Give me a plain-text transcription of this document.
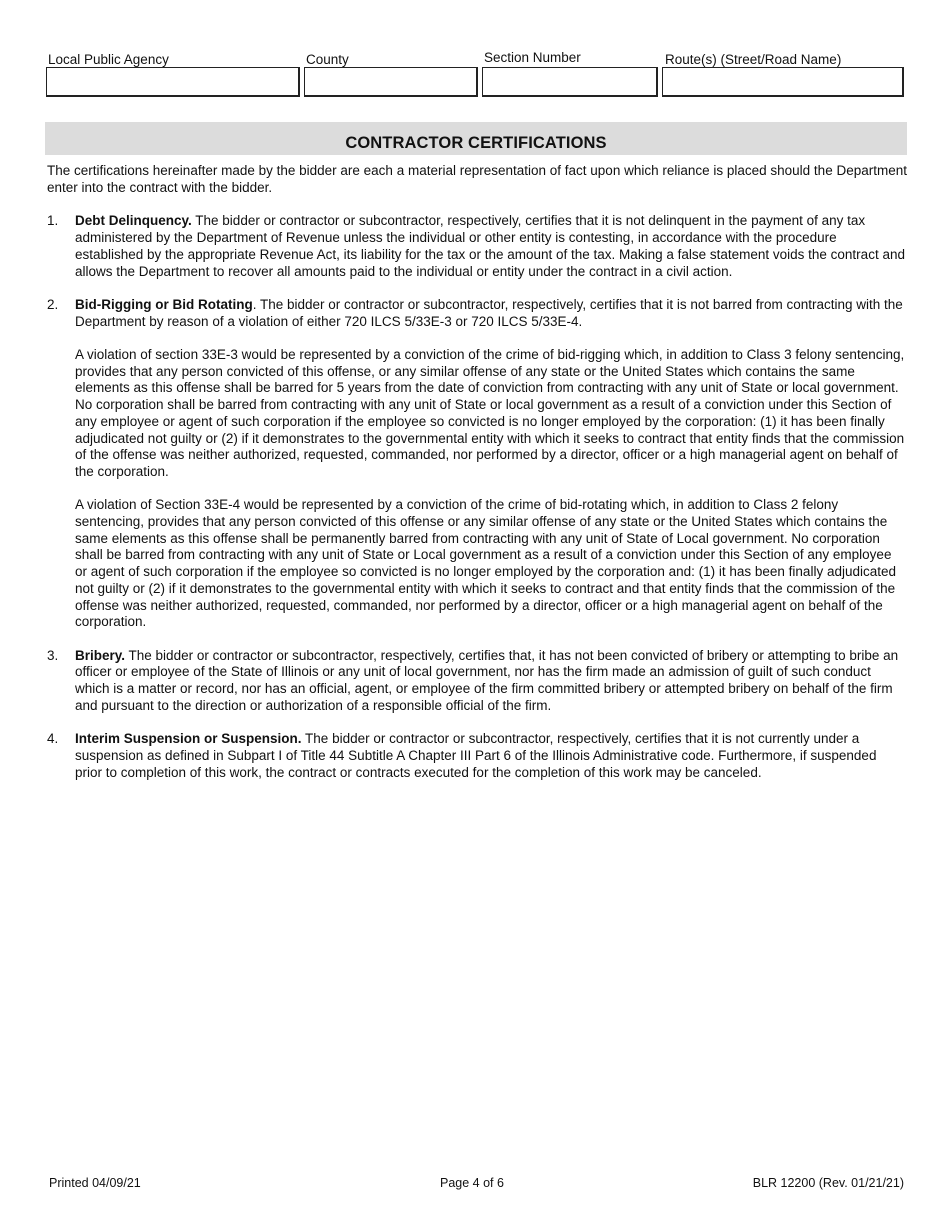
Local Public Agency	County	Section Number	Route(s) (Street/Road Name)
CONTRACTOR CERTIFICATIONS

The certifications hereinafter made by the bidder are each a material representation of fact upon which reliance is placed should the Department enter into the contract with the bidder.

1. Debt Delinquency. The bidder or contractor or subcontractor, respectively, certifies that it is not delinquent in the payment of any tax administered by the Department of Revenue unless the individual or other entity is contesting, in accordance with the procedure established by the appropriate Revenue Act, its liability for the tax or the amount of the tax. Making a false statement voids the contract and allows the Department to recover all amounts paid to the individual or entity under the contract in a civil action.

2. Bid-Rigging or Bid Rotating. The bidder or contractor or subcontractor, respectively, certifies that it is not barred from contracting with the Department by reason of a violation of either 720 ILCS 5/33E-3 or 720 ILCS 5/33E-4.

A violation of section 33E-3 would be represented by a conviction of the crime of bid-rigging which, in addition to Class 3 felony sentencing, provides that any person convicted of this offense, or any similar offense of any state or the United States which contains the same elements as this offense shall be barred for 5 years from the date of conviction from contracting with any unit of State or local government. No corporation shall be barred from contracting with any unit of State or local government as a result of a conviction under this Section of any employee or agent of such corporation if the employee so convicted is no longer employed by the corporation: (1) it has been finally adjudicated not guilty or (2) if it demonstrates to the governmental entity with which it seeks to contract that entity finds that the commission of the offense was neither authorized, requested, commanded, nor performed by a director, officer or a high managerial agent on behalf of the corporation.

A violation of Section 33E-4 would be represented by a conviction of the crime of bid-rotating which, in addition to Class 2 felony sentencing, provides that any person convicted of this offense or any similar offense of any state or the United States which contains the same elements as this offense shall be permanently barred from contracting with any unit of State of Local government. No corporation shall be barred from contracting with any unit of State or Local government as a result of a conviction under this Section of any employee or agent of such corporation if the employee so convicted is no longer employed by the corporation and: (1) it has been finally adjudicated not guilty or (2) if it demonstrates to the governmental entity with which it seeks to contract and that entity finds that the commission of the offense was neither authorized, requested, commanded, nor performed by a director, officer or a high managerial agent on behalf of the corporation.

3. Bribery. The bidder or contractor or subcontractor, respectively, certifies that, it has not been convicted of bribery or attempting to bribe an officer or employee of the State of Illinois or any unit of local government, nor has the firm made an admission of guilt of such conduct which is a matter or record, nor has an official, agent, or employee of the firm committed bribery or attempted bribery on behalf of the firm and pursuant to the direction or authorization of a responsible official of the firm.

4. Interim Suspension or Suspension. The bidder or contractor or subcontractor, respectively, certifies that it is not currently under a suspension as defined in Subpart I of Title 44 Subtitle A Chapter III Part 6 of the Illinois Administrative code. Furthermore, if suspended prior to completion of this work, the contract or contracts executed for the completion of this work may be canceled.

Printed 04/09/21	Page 4 of 6	BLR 12200 (Rev. 01/21/21)
